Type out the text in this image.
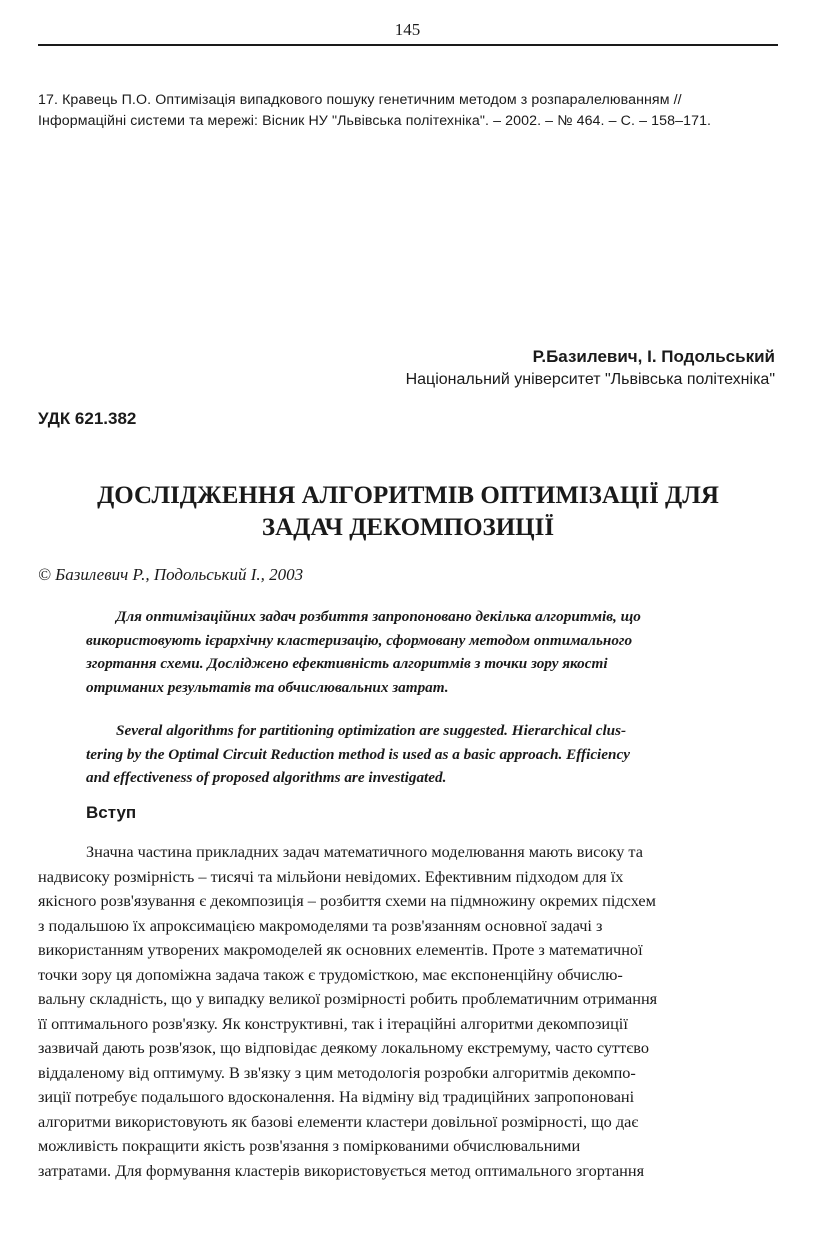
145

17. Кравець П.О. Оптимізація випадкового пошуку генетичним методом з розпаралелюванням //

Інформаційні системи та мережі: Вісник НУ "Львівська політехніка". – 2002. – № 464. – С. – 158–171.

Р.Базилевич, І. Подольський
Національний університет "Львівська політехніка"
УДК 621.382

ДОСЛІДЖЕННЯ АЛГОРИТМІВ ОПТИМІЗАЦІЇ ДЛЯ

ЗАДАЧ ДЕКОМПОЗИЦІЇ

© Базилевич Р., Подольський І., 2003

Для оптимізаційних задач розбиття запропоновано декілька алгоритмів, що

використовують ієрархічну кластеризацію, сформовану методом оптимального

згортання схеми. Досліджено ефективність алгоритмів з точки зору якості

отриманих результатів та обчислювальних затрат.

Several algorithms for partitioning optimization are suggested. Hierarchical clus-

tering by the Optimal Circuit Reduction method is used as a basic approach. Efficiency

and effectiveness of proposed algorithms are investigated.

Вступ

Значна частина прикладних задач математичного моделювання мають високу та

надвисоку розмірність – тисячі та мільйони невідомих. Ефективним підходом для їх

якісного розв'язування є декомпозиція – розбиття схеми на підмножину окремих підсхем

з подальшою їх апроксимацією макромоделями та розв'язанням основної задачі з

використанням утворених макромоделей як основних елементів. Проте з математичної

точки зору ця допоміжна задача також є трудомісткою, має експоненційну обчислю-

вальну складність, що у випадку великої розмірності робить проблематичним отримання

її оптимального розв'язку. Як конструктивні, так і ітераційні алгоритми декомпозиції

зазвичай дають розв'язок, що відповідає деякому локальному екстремуму, часто суттєво

віддаленому від оптимуму. В зв'язку з цим методологія розробки алгоритмів декомпо-

зиції потребує подальшого вдосконалення. На відміну від традиційних запропоновані

алгоритми використовують як базові елементи кластери довільної розмірності, що дає

можливість покращити якість розв'язання з поміркованими обчислювальними

затратами. Для формування кластерів використовується метод оптимального згортання
